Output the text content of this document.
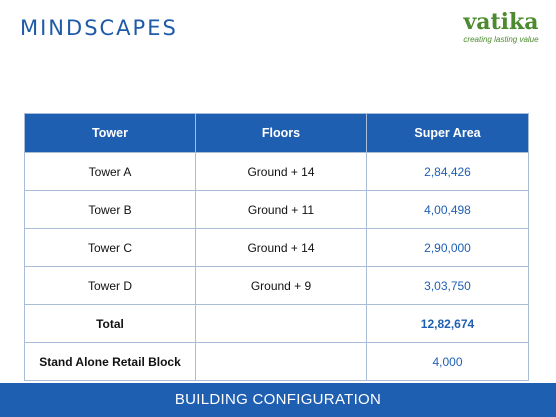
MINDSCAPES	vatika
creating lasting value
Tower	Floors	Super Area
Tower A	Ground + 14	2,84,426
Tower B	Ground + 11	4,00,498
Tower C	Ground + 14	2,90,000
Tower D	Ground + 9	3,03,750
Total		12,82,674
Stand Alone Retail Block		4,000
BUILDING CONFIGURATION
